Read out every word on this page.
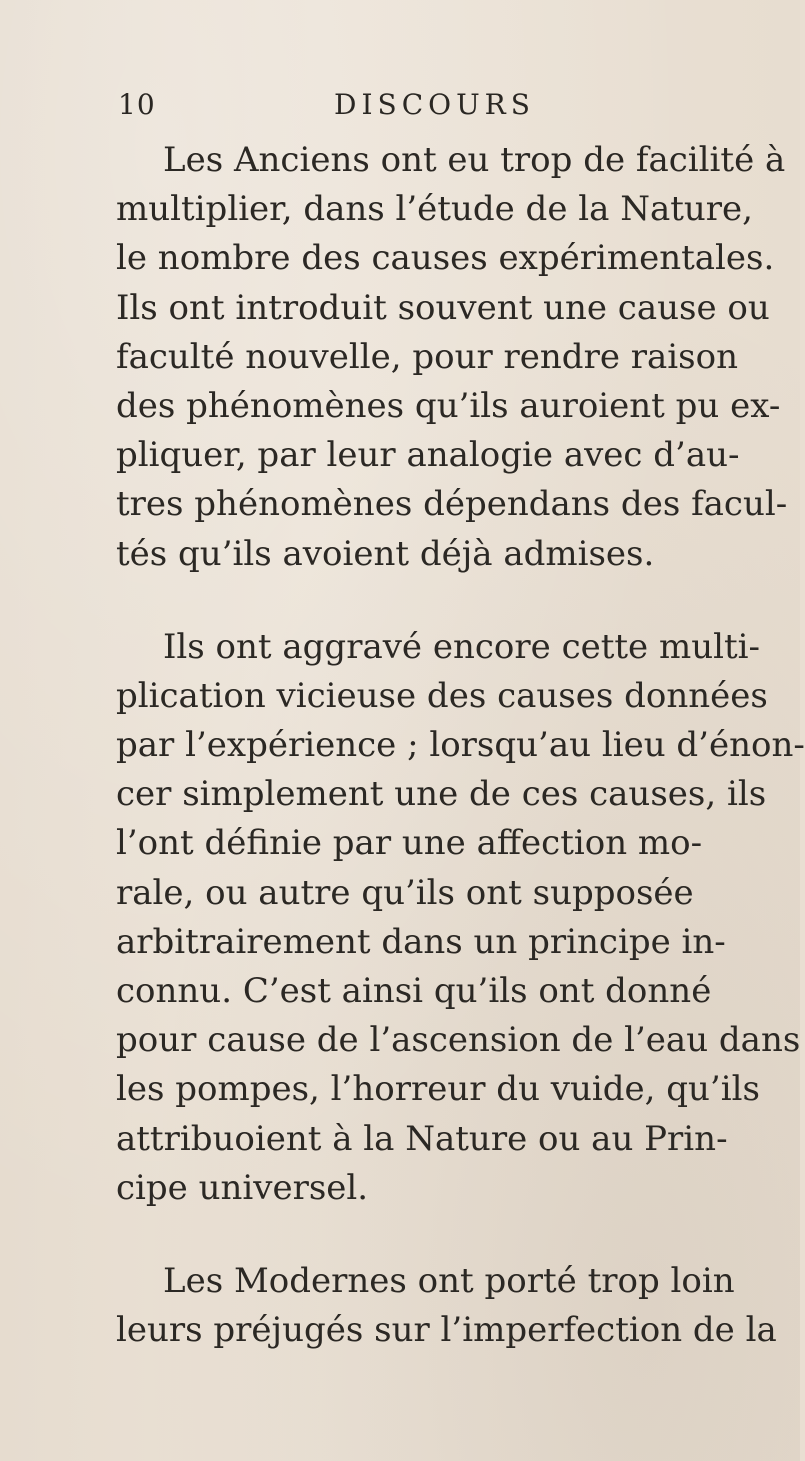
10	DISCOURS
Les Anciens ont eu trop de facilité à
multiplier, dans l’étude de la Nature,
le nombre des causes expérimentales.
Ils ont introduit souvent une cause ou
faculté nouvelle, pour rendre raison
des phénomènes qu’ils auroient pu ex-
pliquer, par leur analogie avec d’au-
tres phénomènes dépendans des facul-
tés qu’ils avoient déjà admises.
Ils ont aggravé encore cette multi-
plication vicieuse des causes données
par l’expérience ; lorsqu’au lieu d’énon-
cer simplement une de ces causes, ils
l’ont définie par une affection mo-
rale, ou autre qu’ils ont supposée
arbitrairement dans un principe in-
connu. C’est ainsi qu’ils ont donné
pour cause de l’ascension de l’eau dans
les pompes, l’horreur du vuide, qu’ils
attribuoient à la Nature ou au Prin-
cipe universel.
Les Modernes ont porté trop loin
leurs préjugés sur l’imperfection de la
